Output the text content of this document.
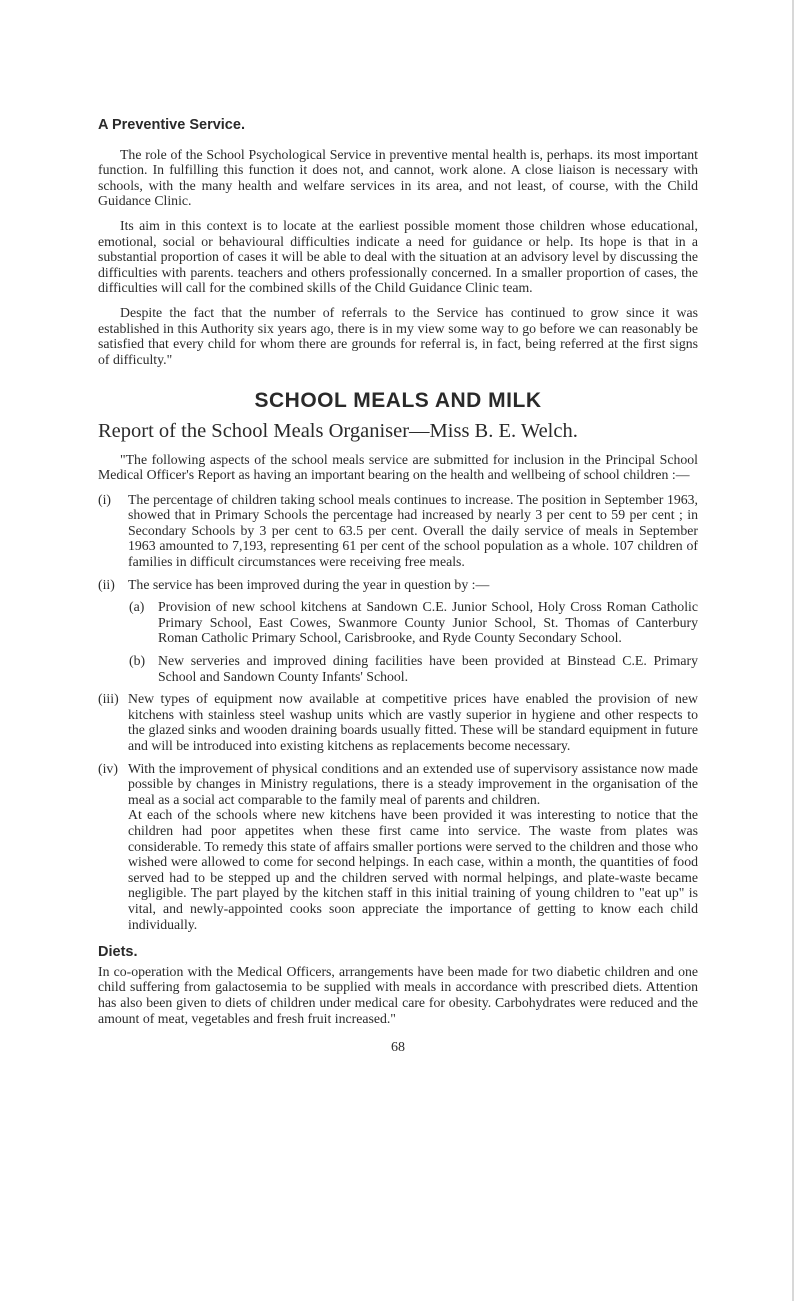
A Preventive Service.

The role of the School Psychological Service in preventive mental health is, perhaps. its most important function. In fulfilling this function it does not, and cannot, work alone. A close liaison is necessary with schools, with the many health and welfare services in its area, and not least, of course, with the Child Guidance Clinic.

Its aim in this context is to locate at the earliest possible moment those children whose educational, emotional, social or behavioural difficulties indicate a need for guidance or help. Its hope is that in a substantial proportion of cases it will be able to deal with the situation at an advisory level by discussing the difficulties with parents. teachers and others professionally concerned. In a smaller proportion of cases, the difficulties will call for the combined skills of the Child Guidance Clinic team.

Despite the fact that the number of referrals to the Service has continued to grow since it was established in this Authority six years ago, there is in my view some way to go before we can reasonably be satisfied that every child for whom there are grounds for referral is, in fact, being referred at the first signs of difficulty."

SCHOOL MEALS AND MILK
Report of the School Meals Organiser—Miss B. E. Welch.

"The following aspects of the school meals service are submitted for inclusion in the Principal School Medical Officer's Report as having an important bearing on the health and wellbeing of school children :—

(i) The percentage of children taking school meals continues to increase. The position in September 1963, showed that in Primary Schools the percentage had increased by nearly 3 per cent to 59 per cent ; in Secondary Schools by 3 per cent to 63.5 per cent. Overall the daily service of meals in September 1963 amounted to 7,193, representing 61 per cent of the school population as a whole. 107 children of families in difficult circumstances were receiving free meals.
(ii) The service has been improved during the year in question by :—
(a) Provision of new school kitchens at Sandown C.E. Junior School, Holy Cross Roman Catholic Primary School, East Cowes, Swanmore County Junior School, St. Thomas of Canterbury Roman Catholic Primary School, Carisbrooke, and Ryde County Secondary School.
(b) New serveries and improved dining facilities have been provided at Binstead C.E. Primary School and Sandown County Infants' School.
(iii) New types of equipment now available at competitive prices have enabled the provision of new kitchens with stainless steel washup units which are vastly superior in hygiene and other respects to the glazed sinks and wooden draining boards usually fitted. These will be standard equipment in future and will be introduced into existing kitchens as replacements become necessary.
(iv) With the improvement of physical conditions and an extended use of supervisory assistance now made possible by changes in Ministry regulations, there is a steady improvement in the organisation of the meal as a social act comparable to the family meal of parents and children.

At each of the schools where new kitchens have been provided it was interesting to notice that the children had poor appetites when these first came into service. The waste from plates was considerable. To remedy this state of affairs smaller portions were served to the children and those who wished were allowed to come for second helpings. In each case, within a month, the quantities of food served had to be stepped up and the children served with normal helpings, and plate-waste became negligible. The part played by the kitchen staff in this initial training of young children to "eat up" is vital, and newly-appointed cooks soon appreciate the importance of getting to know each child individually.

Diets.

In co-operation with the Medical Officers, arrangements have been made for two diabetic children and one child suffering from galactosemia to be supplied with meals in accordance with prescribed diets. Attention has also been given to diets of children under medical care for obesity. Carbohydrates were reduced and the amount of meat, vegetables and fresh fruit increased."

68
